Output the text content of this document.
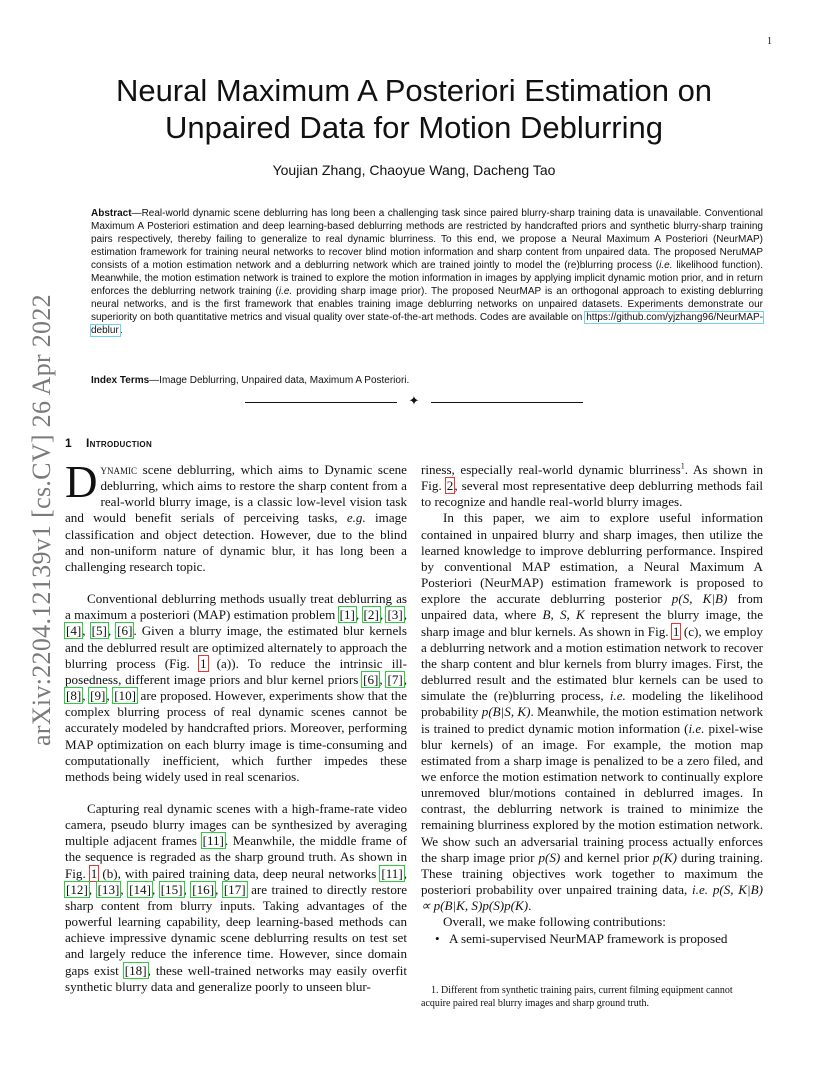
1
arXiv:2204.12139v1 [cs.CV] 26 Apr 2022
Neural Maximum A Posteriori Estimation on
Unpaired Data for Motion Deblurring
Youjian Zhang, Chaoyue Wang, Dacheng Tao
Abstract—Real-world dynamic scene deblurring has long been a challenging task since paired blurry-sharp training data is unavailable. Conventional Maximum A Posteriori estimation and deep learning-based deblurring methods are restricted by handcrafted priors and synthetic blurry-sharp training pairs respectively, thereby failing to generalize to real dynamic blurriness. To this end, we propose a Neural Maximum A Posteriori (NeurMAP) estimation framework for training neural networks to recover blind motion information and sharp content from unpaired data. The proposed NeruMAP consists of a motion estimation network and a deblurring network which are trained jointly to model the (re)blurring process (i.e. likelihood function). Meanwhile, the motion estimation network is trained to explore the motion information in images by applying implicit dynamic motion prior, and in return enforces the deblurring network training (i.e. providing sharp image prior). The proposed NeurMAP is an orthogonal approach to existing deblurring neural networks, and is the first framework that enables training image deblurring networks on unpaired datasets. Experiments demonstrate our superiority on both quantitative metrics and visual quality over state-of-the-art methods. Codes are available on https://github.com/yjzhang96/NeurMAP-deblur.
Index Terms—Image Deblurring, Unpaired data, Maximum A Posteriori.
✦
1 Introduction

Dynamic scene deblurring, which aims to Dynamic scene deblurring, which aims to restore the sharp content from a real-world blurry image, is a classic low-level vision task and would benefit serials of perceiving tasks, e.g. image classification and object detection. However, due to the blind and non-uniform nature of dynamic blur, it has long been a challenging research topic.

Conventional deblurring methods usually treat deblurring as a maximum a posteriori (MAP) estimation problem [1], [2], [3], [4], [5], [6]. Given a blurry image, the estimated blur kernels and the deblurred result are optimized alternately to approach the blurring process (Fig. 1 (a)). To reduce the intrinsic ill-posedness, different image priors and blur kernel priors [6], [7], [8], [9], [10] are proposed. However, experiments show that the complex blurring process of real dynamic scenes cannot be accurately modeled by handcrafted priors. Moreover, performing MAP optimization on each blurry image is time-consuming and computationally inefficient, which further impedes these methods being widely used in real scenarios.

Capturing real dynamic scenes with a high-frame-rate video camera, pseudo blurry images can be synthesized by averaging multiple adjacent frames [11]. Meanwhile, the middle frame of the sequence is regraded as the sharp ground truth. As shown in Fig. 1 (b), with paired training data, deep neural networks [11], [12], [13], [14], [15], [16], [17] are trained to directly restore sharp content from blurry inputs. Taking advantages of the powerful learning capability, deep learning-based methods can achieve impressive dynamic scene deblurring results on test set and largely reduce the inference time. However, since domain gaps exist [18], these well-trained networks may easily overfit synthetic blurry data and generalize poorly to unseen blur-

riness, especially real-world dynamic blurriness$^1$. As shown in Fig. 2, several most representative deep deblurring methods fail to recognize and handle real-world blurry images.

In this paper, we aim to explore useful information contained in unpaired blurry and sharp images, then utilize the learned knowledge to improve deblurring performance. Inspired by conventional MAP estimation, a Neural Maximum A Posteriori (NeurMAP) estimation framework is proposed to explore the accurate deblurring posterior p(S, K|B) from unpaired data, where B, S, K represent the blurry image, the sharp image and blur kernels. As shown in Fig. 1 (c), we employ a deblurring network and a motion estimation network to recover the sharp content and blur kernels from blurry images. First, the deblurred result and the estimated blur kernels can be used to simulate the (re)blurring process, i.e. modeling the likelihood probability p(B|S, K). Meanwhile, the motion estimation network is trained to predict dynamic motion information (i.e. pixel-wise blur kernels) of an image. For example, the motion map estimated from a sharp image is penalized to be a zero filed, and we enforce the motion estimation network to continually explore unremoved blur/motions contained in deblurred images. In contrast, the deblurring network is trained to minimize the remaining blurriness explored by the motion estimation network. We show such an adversarial training process actually enforces the sharp image prior p(S) and kernel prior p(K) during training. These training objectives work together to maximum the posteriori probability over unpaired training data, i.e. p(S, K|B) ∝ p(B|K, S)p(S)p(K).

Overall, we make following contributions:

• A semi-supervised NeurMAP framework is proposed

1. Different from synthetic training pairs, current filming equipment cannot acquire paired real blurry images and sharp ground truth.
